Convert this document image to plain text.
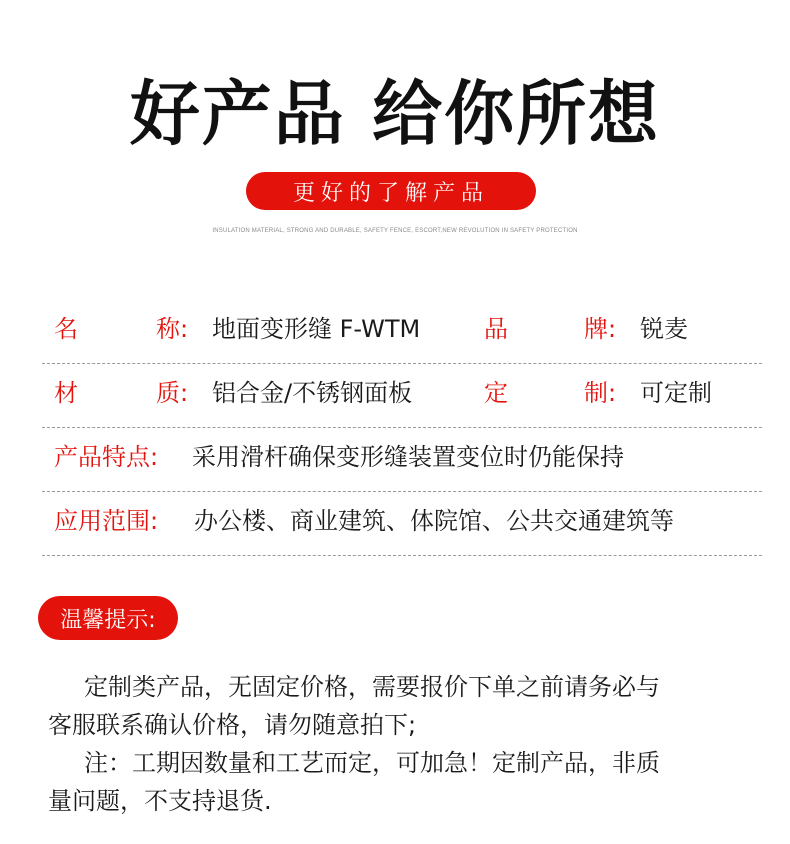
好产品 给你所想
更好的了解产品
INSULATION MATERIAL, STRONG AND DURABLE, SAFETY FENCE, ESCORT,NEW REVOLUTION IN SAFETY PROTECTION
名	称: 地面变形缝 F-WTM	品	牌: 锐麦
材	质: 铝合金/不锈钢面板	定	制: 可定制
产品特点: 采用滑杆确保变形缝装置变位时仍能保持
应用范围: 办公楼、商业建筑、体院馆、公共交通建筑等
温馨提示:

定制类产品，无固定价格，需要报价下单之前请务必与

客服联系确认价格，请勿随意拍下;

注：工期因数量和工艺而定，可加急！定制产品，非质

量问题，不支持退货.
